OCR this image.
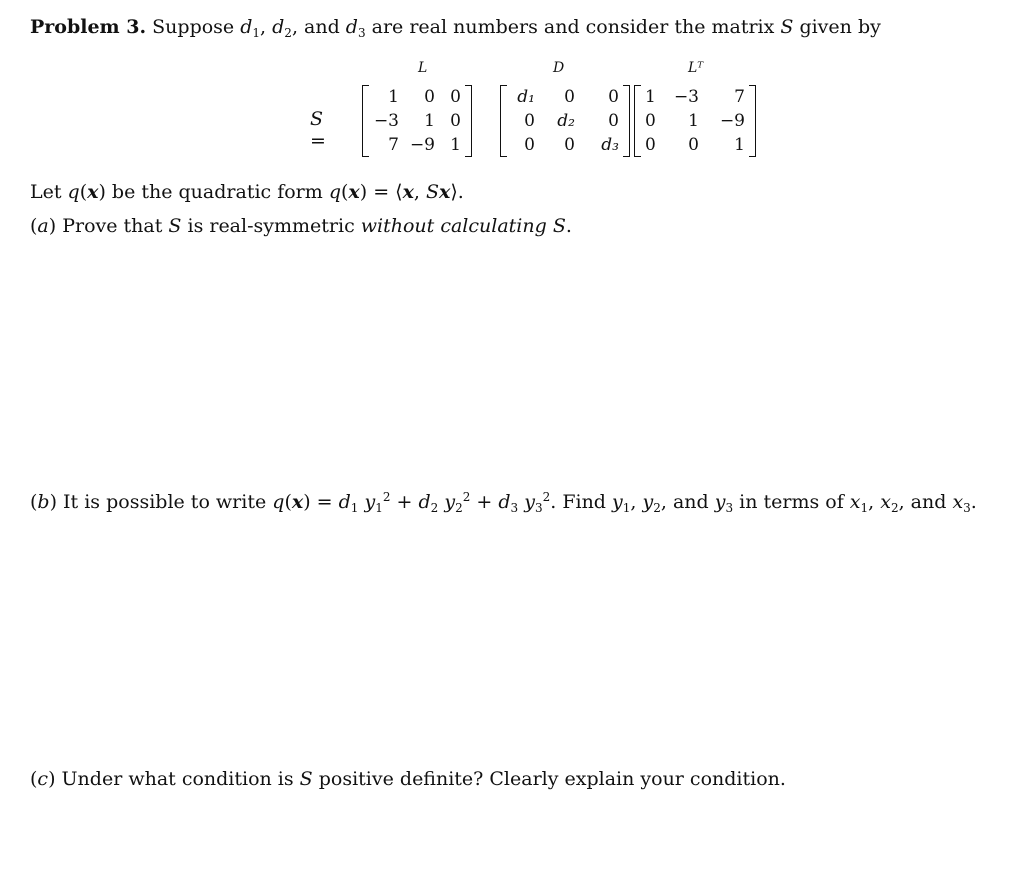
Problem 3. Suppose $d_1$, $d_2$, and $d_3$ are real numbers and consider the matrix S given by
S =
L
1	0 0
−3	1 0
7 −9 1
D
d₁	0	0
0	d₂	0
0	0	d₃
Lᵀ
1	−3	7
0	1	−9
0	0	1
Let q(x) be the quadratic form q(x) = ⟨x, Sx⟩.
(a) Prove that S is real-symmetric without calculating S.
(b) It is possible to write $q(x) = d_1$ $y_1^2 + d_2$ $y_2^2 + d_3$ $y_3^2$. Find $y_1$, $y_2$, and $y_3$ in terms of $x_1$, $x_2$, and $x_3$.
(c) Under what condition is S positive definite? Clearly explain your condition.
